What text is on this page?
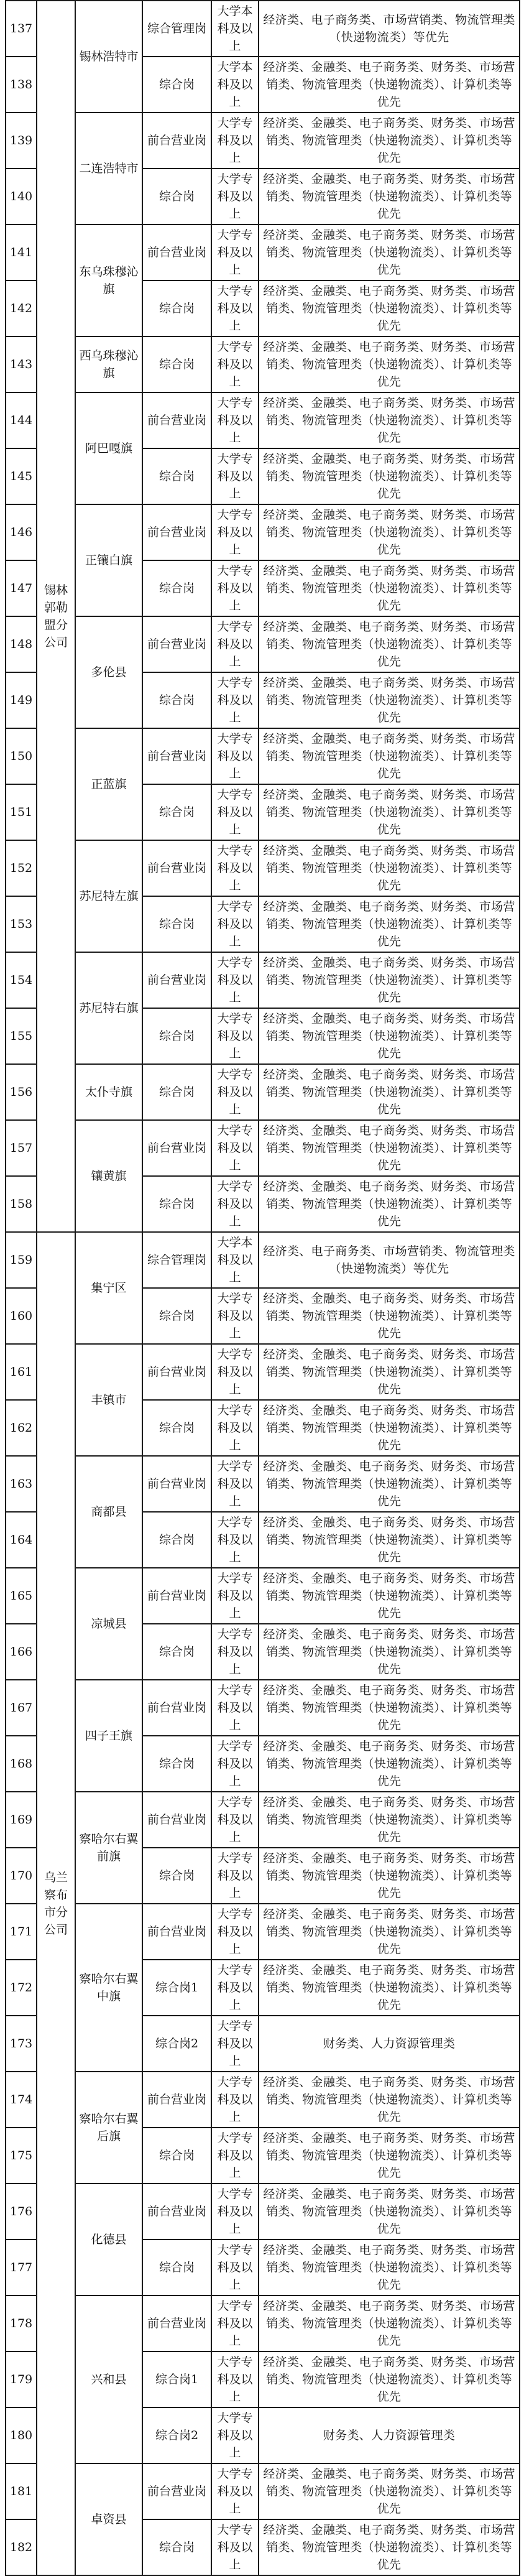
137	锡林郭勒盟分公司	锡林浩特市	综合管理岗	大学本科及以上	经济类、电子商务类、市场营销类、物流管理类（快递物流类）等优先
138			综合岗	大学本科及以上	经济类、金融类、电子商务类、财务类、市场营销类、物流管理类（快递物流类）、计算机类等优先
139		二连浩特市	前台营业岗	大学专科及以上	经济类、金融类、电子商务类、财务类、市场营销类、物流管理类（快递物流类）、计算机类等优先
140			综合岗	大学专科及以上	经济类、金融类、电子商务类、财务类、市场营销类、物流管理类（快递物流类）、计算机类等优先
141		东乌珠穆沁旗	前台营业岗	大学专科及以上	经济类、金融类、电子商务类、财务类、市场营销类、物流管理类（快递物流类）、计算机类等优先
142			综合岗	大学专科及以上	经济类、金融类、电子商务类、财务类、市场营销类、物流管理类（快递物流类）、计算机类等优先
143		西乌珠穆沁旗	综合岗	大学专科及以上	经济类、金融类、电子商务类、财务类、市场营销类、物流管理类（快递物流类）、计算机类等优先
144		阿巴嘎旗	前台营业岗	大学专科及以上	经济类、金融类、电子商务类、财务类、市场营销类、物流管理类（快递物流类）、计算机类等优先
145			综合岗	大学专科及以上	经济类、金融类、电子商务类、财务类、市场营销类、物流管理类（快递物流类）、计算机类等优先
146		正镶白旗	前台营业岗	大学专科及以上	经济类、金融类、电子商务类、财务类、市场营销类、物流管理类（快递物流类）、计算机类等优先
147			综合岗	大学专科及以上	经济类、金融类、电子商务类、财务类、市场营销类、物流管理类（快递物流类）、计算机类等优先
148		多伦县	前台营业岗	大学专科及以上	经济类、金融类、电子商务类、财务类、市场营销类、物流管理类（快递物流类）、计算机类等优先
149			综合岗	大学专科及以上	经济类、金融类、电子商务类、财务类、市场营销类、物流管理类（快递物流类）、计算机类等优先
150		正蓝旗	前台营业岗	大学专科及以上	经济类、金融类、电子商务类、财务类、市场营销类、物流管理类（快递物流类）、计算机类等优先
151			综合岗	大学专科及以上	经济类、金融类、电子商务类、财务类、市场营销类、物流管理类（快递物流类）、计算机类等优先
152		苏尼特左旗	前台营业岗	大学专科及以上	经济类、金融类、电子商务类、财务类、市场营销类、物流管理类（快递物流类）、计算机类等优先
153			综合岗	大学专科及以上	经济类、金融类、电子商务类、财务类、市场营销类、物流管理类（快递物流类）、计算机类等优先
154		苏尼特右旗	前台营业岗	大学专科及以上	经济类、金融类、电子商务类、财务类、市场营销类、物流管理类（快递物流类）、计算机类等优先
155			综合岗	大学专科及以上	经济类、金融类、电子商务类、财务类、市场营销类、物流管理类（快递物流类）、计算机类等优先
156		太仆寺旗	综合岗	大学专科及以上	经济类、金融类、电子商务类、财务类、市场营销类、物流管理类（快递物流类）、计算机类等优先
157		镶黄旗	前台营业岗	大学专科及以上	经济类、金融类、电子商务类、财务类、市场营销类、物流管理类（快递物流类）、计算机类等优先
158			综合岗	大学专科及以上	经济类、金融类、电子商务类、财务类、市场营销类、物流管理类（快递物流类）、计算机类等优先
159	乌兰察布市分公司	集宁区	综合管理岗	大学本科及以上	经济类、电子商务类、市场营销类、物流管理类（快递物流类）等优先
160			综合岗	大学专科及以上	经济类、金融类、电子商务类、财务类、市场营销类、物流管理类（快递物流类）、计算机类等优先
161		丰镇市	前台营业岗	大学专科及以上	经济类、金融类、电子商务类、财务类、市场营销类、物流管理类（快递物流类）、计算机类等优先
162			综合岗	大学专科及以上	经济类、金融类、电子商务类、财务类、市场营销类、物流管理类（快递物流类）、计算机类等优先
163		商都县	前台营业岗	大学专科及以上	经济类、金融类、电子商务类、财务类、市场营销类、物流管理类（快递物流类）、计算机类等优先
164			综合岗	大学专科及以上	经济类、金融类、电子商务类、财务类、市场营销类、物流管理类（快递物流类）、计算机类等优先
165		凉城县	前台营业岗	大学专科及以上	经济类、金融类、电子商务类、财务类、市场营销类、物流管理类（快递物流类）、计算机类等优先
166			综合岗	大学专科及以上	经济类、金融类、电子商务类、财务类、市场营销类、物流管理类（快递物流类）、计算机类等优先
167		四子王旗	前台营业岗	大学专科及以上	经济类、金融类、电子商务类、财务类、市场营销类、物流管理类（快递物流类）、计算机类等优先
168			综合岗	大学专科及以上	经济类、金融类、电子商务类、财务类、市场营销类、物流管理类（快递物流类）、计算机类等优先
169		察哈尔右翼前旗	前台营业岗	大学专科及以上	经济类、金融类、电子商务类、财务类、市场营销类、物流管理类（快递物流类）、计算机类等优先
170			综合岗	大学专科及以上	经济类、金融类、电子商务类、财务类、市场营销类、物流管理类（快递物流类）、计算机类等优先
171		察哈尔右翼中旗	前台营业岗	大学专科及以上	经济类、金融类、电子商务类、财务类、市场营销类、物流管理类（快递物流类）、计算机类等优先
172			综合岗1	大学专科及以上	经济类、金融类、电子商务类、财务类、市场营销类、物流管理类（快递物流类）、计算机类等优先
173			综合岗2	大学专科及以上	财务类、人力资源管理类
174		察哈尔右翼后旗	前台营业岗	大学专科及以上	经济类、金融类、电子商务类、财务类、市场营销类、物流管理类（快递物流类）、计算机类等优先
175			综合岗	大学专科及以上	经济类、金融类、电子商务类、财务类、市场营销类、物流管理类（快递物流类）、计算机类等优先
176		化德县	前台营业岗	大学专科及以上	经济类、金融类、电子商务类、财务类、市场营销类、物流管理类（快递物流类）、计算机类等优先
177			综合岗	大学专科及以上	经济类、金融类、电子商务类、财务类、市场营销类、物流管理类（快递物流类）、计算机类等优先
178		兴和县	前台营业岗	大学专科及以上	经济类、金融类、电子商务类、财务类、市场营销类、物流管理类（快递物流类）、计算机类等优先
179			综合岗1	大学专科及以上	经济类、金融类、电子商务类、财务类、市场营销类、物流管理类（快递物流类）、计算机类等优先
180			综合岗2	大学专科及以上	财务类、人力资源管理类
181		卓资县	前台营业岗	大学专科及以上	经济类、金融类、电子商务类、财务类、市场营销类、物流管理类（快递物流类）、计算机类等优先
182			综合岗	大学专科及以上	经济类、金融类、电子商务类、财务类、市场营销类、物流管理类（快递物流类）、计算机类等优先
